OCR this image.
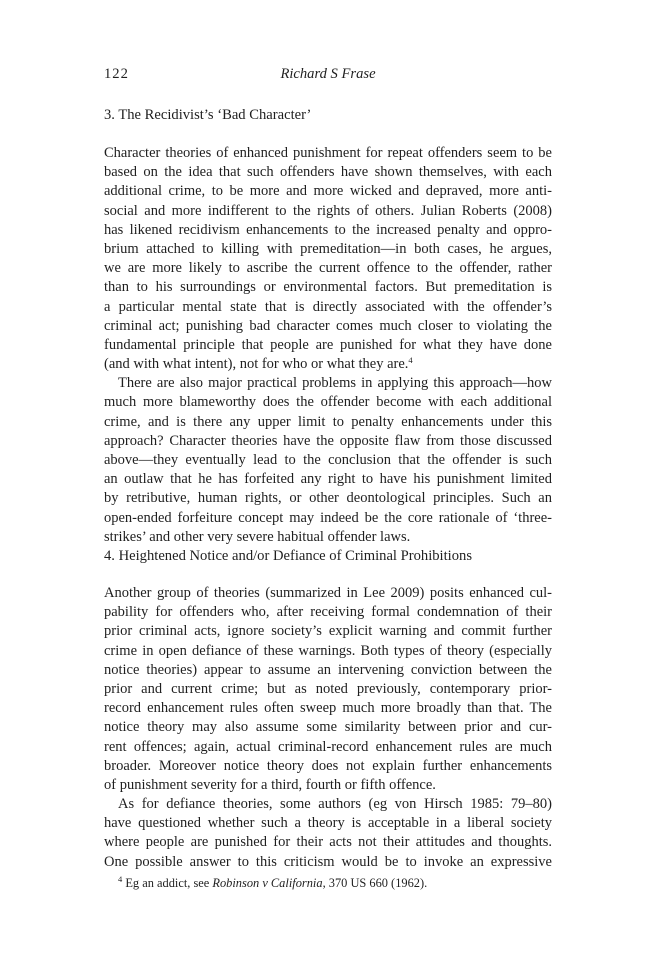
122	Richard S Frase
3. The Recidivist’s ‘Bad Character’
Character theories of enhanced punishment for repeat offenders seem to be
based on the idea that such offenders have shown themselves, with each
additional crime, to be more and more wicked and depraved, more anti-
social and more indifferent to the rights of others. Julian Roberts (2008)
has likened recidivism enhancements to the increased penalty and oppro-
brium attached to killing with premeditation—in both cases, he argues,
we are more likely to ascribe the current offence to the offender, rather
than to his surroundings or environmental factors. But premeditation is
a particular mental state that is directly associated with the offender’s
criminal act; punishing bad character comes much closer to violating the
fundamental principle that people are punished for what they have done
(and with what intent), not for who or what they are.$^4$
There are also major practical problems in applying this approach—how
much more blameworthy does the offender become with each additional
crime, and is there any upper limit to penalty enhancements under this
approach? Character theories have the opposite flaw from those discussed
above—they eventually lead to the conclusion that the offender is such
an outlaw that he has forfeited any right to have his punishment limited
by retributive, human rights, or other deontological principles. Such an
open-ended forfeiture concept may indeed be the core rationale of ‘three-
strikes’ and other very severe habitual offender laws.
4. Heightened Notice and/or Defiance of Criminal Prohibitions
Another group of theories (summarized in Lee 2009) posits enhanced cul-
pability for offenders who, after receiving formal condemnation of their
prior criminal acts, ignore society’s explicit warning and commit further
crime in open defiance of these warnings. Both types of theory (especially
notice theories) appear to assume an intervening conviction between the
prior and current crime; but as noted previously, contemporary prior-
record enhancement rules often sweep much more broadly than that. The
notice theory may also assume some similarity between prior and cur-
rent offences; again, actual criminal-record enhancement rules are much
broader. Moreover notice theory does not explain further enhancements
of punishment severity for a third, fourth or fifth offence.
As for defiance theories, some authors (eg von Hirsch 1985: 79–80)
have questioned whether such a theory is acceptable in a liberal society
where people are punished for their acts not their attitudes and thoughts.
One possible answer to this criticism would be to invoke an expressive
$^4$ Eg an addict, see Robinson v California, 370 US 660 (1962).
